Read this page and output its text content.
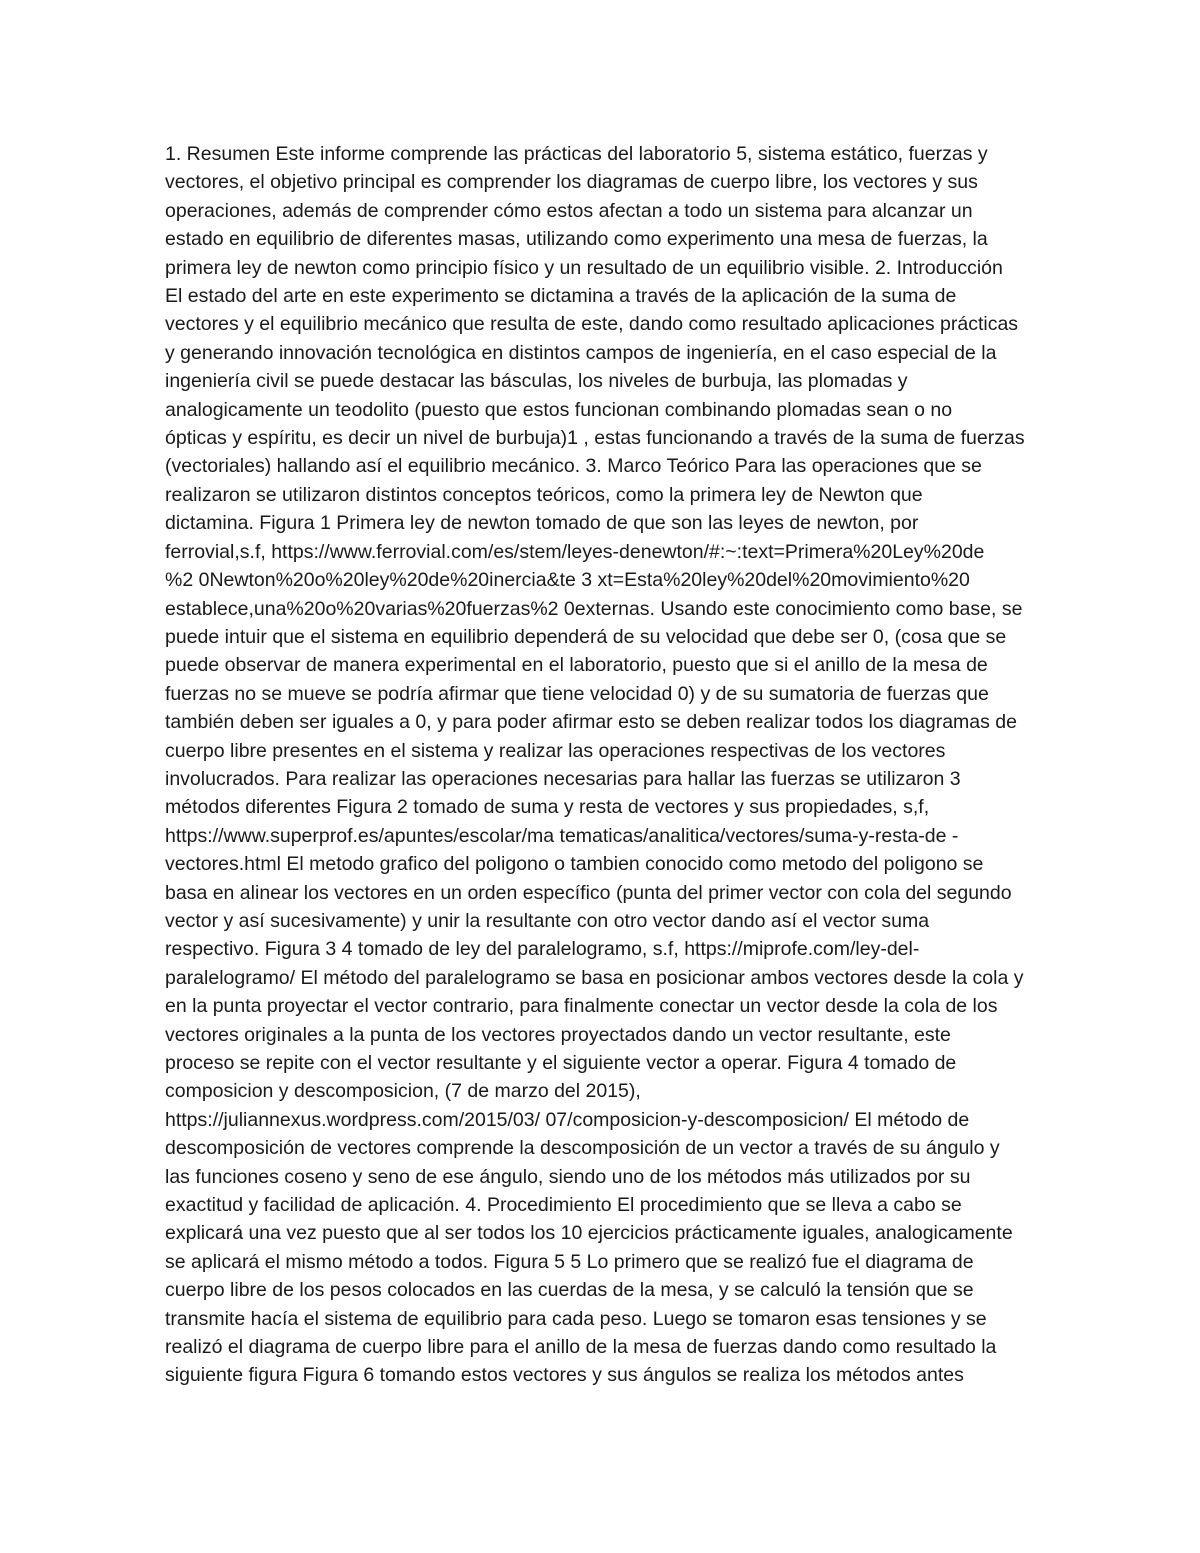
1. Resumen Este informe comprende las prácticas del laboratorio 5, sistema estático, fuerzas y
vectores, el objetivo principal es comprender los diagramas de cuerpo libre, los vectores y sus
operaciones, además de comprender cómo estos afectan a todo un sistema para alcanzar un
estado en equilibrio de diferentes masas, utilizando como experimento una mesa de fuerzas, la
primera ley de newton como principio físico y un resultado de un equilibrio visible. 2. Introducción
El estado del arte en este experimento se dictamina a través de la aplicación de la suma de
vectores y el equilibrio mecánico que resulta de este, dando como resultado aplicaciones prácticas
y generando innovación tecnológica en distintos campos de ingeniería, en el caso especial de la
ingeniería civil se puede destacar las básculas, los niveles de burbuja, las plomadas y
analogicamente un teodolito (puesto que estos funcionan combinando plomadas sean o no
ópticas y espíritu, es decir un nivel de burbuja)1 , estas funcionando a través de la suma de fuerzas
(vectoriales) hallando así el equilibrio mecánico. 3. Marco Teórico Para las operaciones que se
realizaron se utilizaron distintos conceptos teóricos, como la primera ley de Newton que
dictamina. Figura 1 Primera ley de newton tomado de que son las leyes de newton, por
ferrovial,s.f, https://www.ferrovial.com/es/stem/leyes-denewton/#:~:text=Primera%20Ley%20de
%2 0Newton%20o%20ley%20de%20inercia&te 3 xt=Esta%20ley%20del%20movimiento%20
establece,una%20o%20varias%20fuerzas%2 0externas. Usando este conocimiento como base, se
puede intuir que el sistema en equilibrio dependerá de su velocidad que debe ser 0, (cosa que se
puede observar de manera experimental en el laboratorio, puesto que si el anillo de la mesa de
fuerzas no se mueve se podría afirmar que tiene velocidad 0) y de su sumatoria de fuerzas que
también deben ser iguales a 0, y para poder afirmar esto se deben realizar todos los diagramas de
cuerpo libre presentes en el sistema y realizar las operaciones respectivas de los vectores
involucrados. Para realizar las operaciones necesarias para hallar las fuerzas se utilizaron 3
métodos diferentes Figura 2 tomado de suma y resta de vectores y sus propiedades, s,f,
https://www.superprof.es/apuntes/escolar/ma tematicas/analitica/vectores/suma-y-resta-de -
vectores.html El metodo grafico del poligono o tambien conocido como metodo del poligono se
basa en alinear los vectores en un orden específico (punta del primer vector con cola del segundo
vector y así sucesivamente) y unir la resultante con otro vector dando así el vector suma
respectivo. Figura 3 4 tomado de ley del paralelogramo, s.f, https://miprofe.com/ley-del-
paralelogramo/ El método del paralelogramo se basa en posicionar ambos vectores desde la cola y
en la punta proyectar el vector contrario, para finalmente conectar un vector desde la cola de los
vectores originales a la punta de los vectores proyectados dando un vector resultante, este
proceso se repite con el vector resultante y el siguiente vector a operar. Figura 4 tomado de
composicion y descomposicion, (7 de marzo del 2015),
https://juliannexus.wordpress.com/2015/03/ 07/composicion-y-descomposicion/ El método de
descomposición de vectores comprende la descomposición de un vector a través de su ángulo y
las funciones coseno y seno de ese ángulo, siendo uno de los métodos más utilizados por su
exactitud y facilidad de aplicación. 4. Procedimiento El procedimiento que se lleva a cabo se
explicará una vez puesto que al ser todos los 10 ejercicios prácticamente iguales, analogicamente
se aplicará el mismo método a todos. Figura 5 5 Lo primero que se realizó fue el diagrama de
cuerpo libre de los pesos colocados en las cuerdas de la mesa, y se calculó la tensión que se
transmite hacía el sistema de equilibrio para cada peso. Luego se tomaron esas tensiones y se
realizó el diagrama de cuerpo libre para el anillo de la mesa de fuerzas dando como resultado la
siguiente figura Figura 6 tomando estos vectores y sus ángulos se realiza los métodos antes
